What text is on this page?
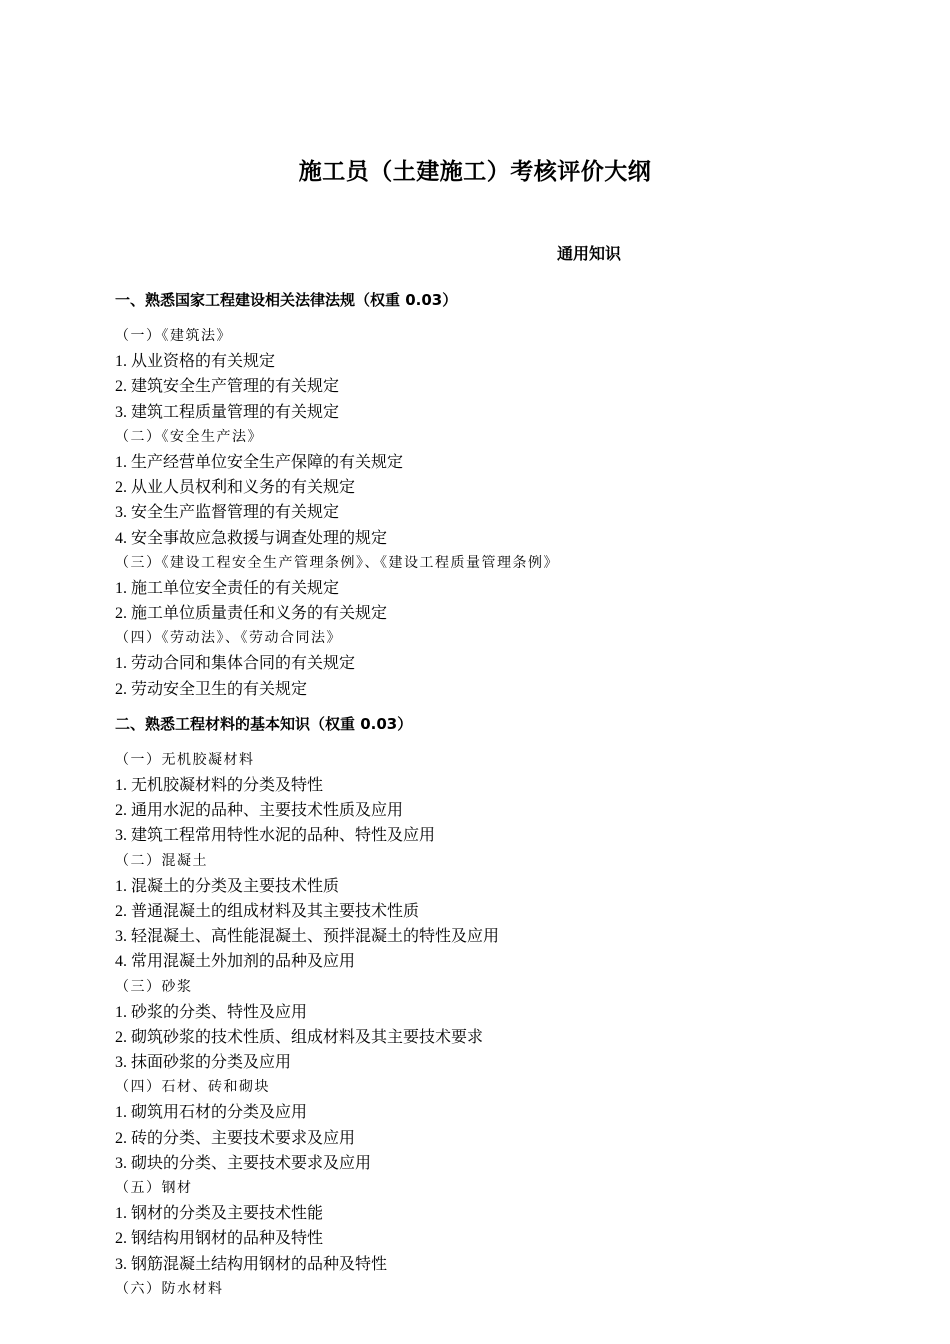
施工员（土建施工）考核评价大纲
通用知识
一、熟悉国家工程建设相关法律法规（权重 0.03）
（一）《建筑法》
1. 从业资格的有关规定
2. 建筑安全生产管理的有关规定
3. 建筑工程质量管理的有关规定
（二）《安全生产法》
1. 生产经营单位安全生产保障的有关规定
2. 从业人员权利和义务的有关规定
3. 安全生产监督管理的有关规定
4. 安全事故应急救援与调查处理的规定
（三）《建设工程安全生产管理条例》、《建设工程质量管理条例》
1. 施工单位安全责任的有关规定
2. 施工单位质量责任和义务的有关规定
（四）《劳动法》、《劳动合同法》
1. 劳动合同和集体合同的有关规定
2. 劳动安全卫生的有关规定
二、熟悉工程材料的基本知识（权重 0.03）
（一）无机胶凝材料
1. 无机胶凝材料的分类及特性
2. 通用水泥的品种、主要技术性质及应用
3. 建筑工程常用特性水泥的品种、特性及应用
（二）混凝土
1. 混凝土的分类及主要技术性质
2. 普通混凝土的组成材料及其主要技术性质
3. 轻混凝土、高性能混凝土、预拌混凝土的特性及应用
4. 常用混凝土外加剂的品种及应用
（三）砂浆
1. 砂浆的分类、特性及应用
2. 砌筑砂浆的技术性质、组成材料及其主要技术要求
3. 抹面砂浆的分类及应用
（四）石材、砖和砌块
1. 砌筑用石材的分类及应用
2. 砖的分类、主要技术要求及应用
3. 砌块的分类、主要技术要求及应用
（五）钢材
1. 钢材的分类及主要技术性能
2. 钢结构用钢材的品种及特性
3. 钢筋混凝土结构用钢材的品种及特性
（六）防水材料
